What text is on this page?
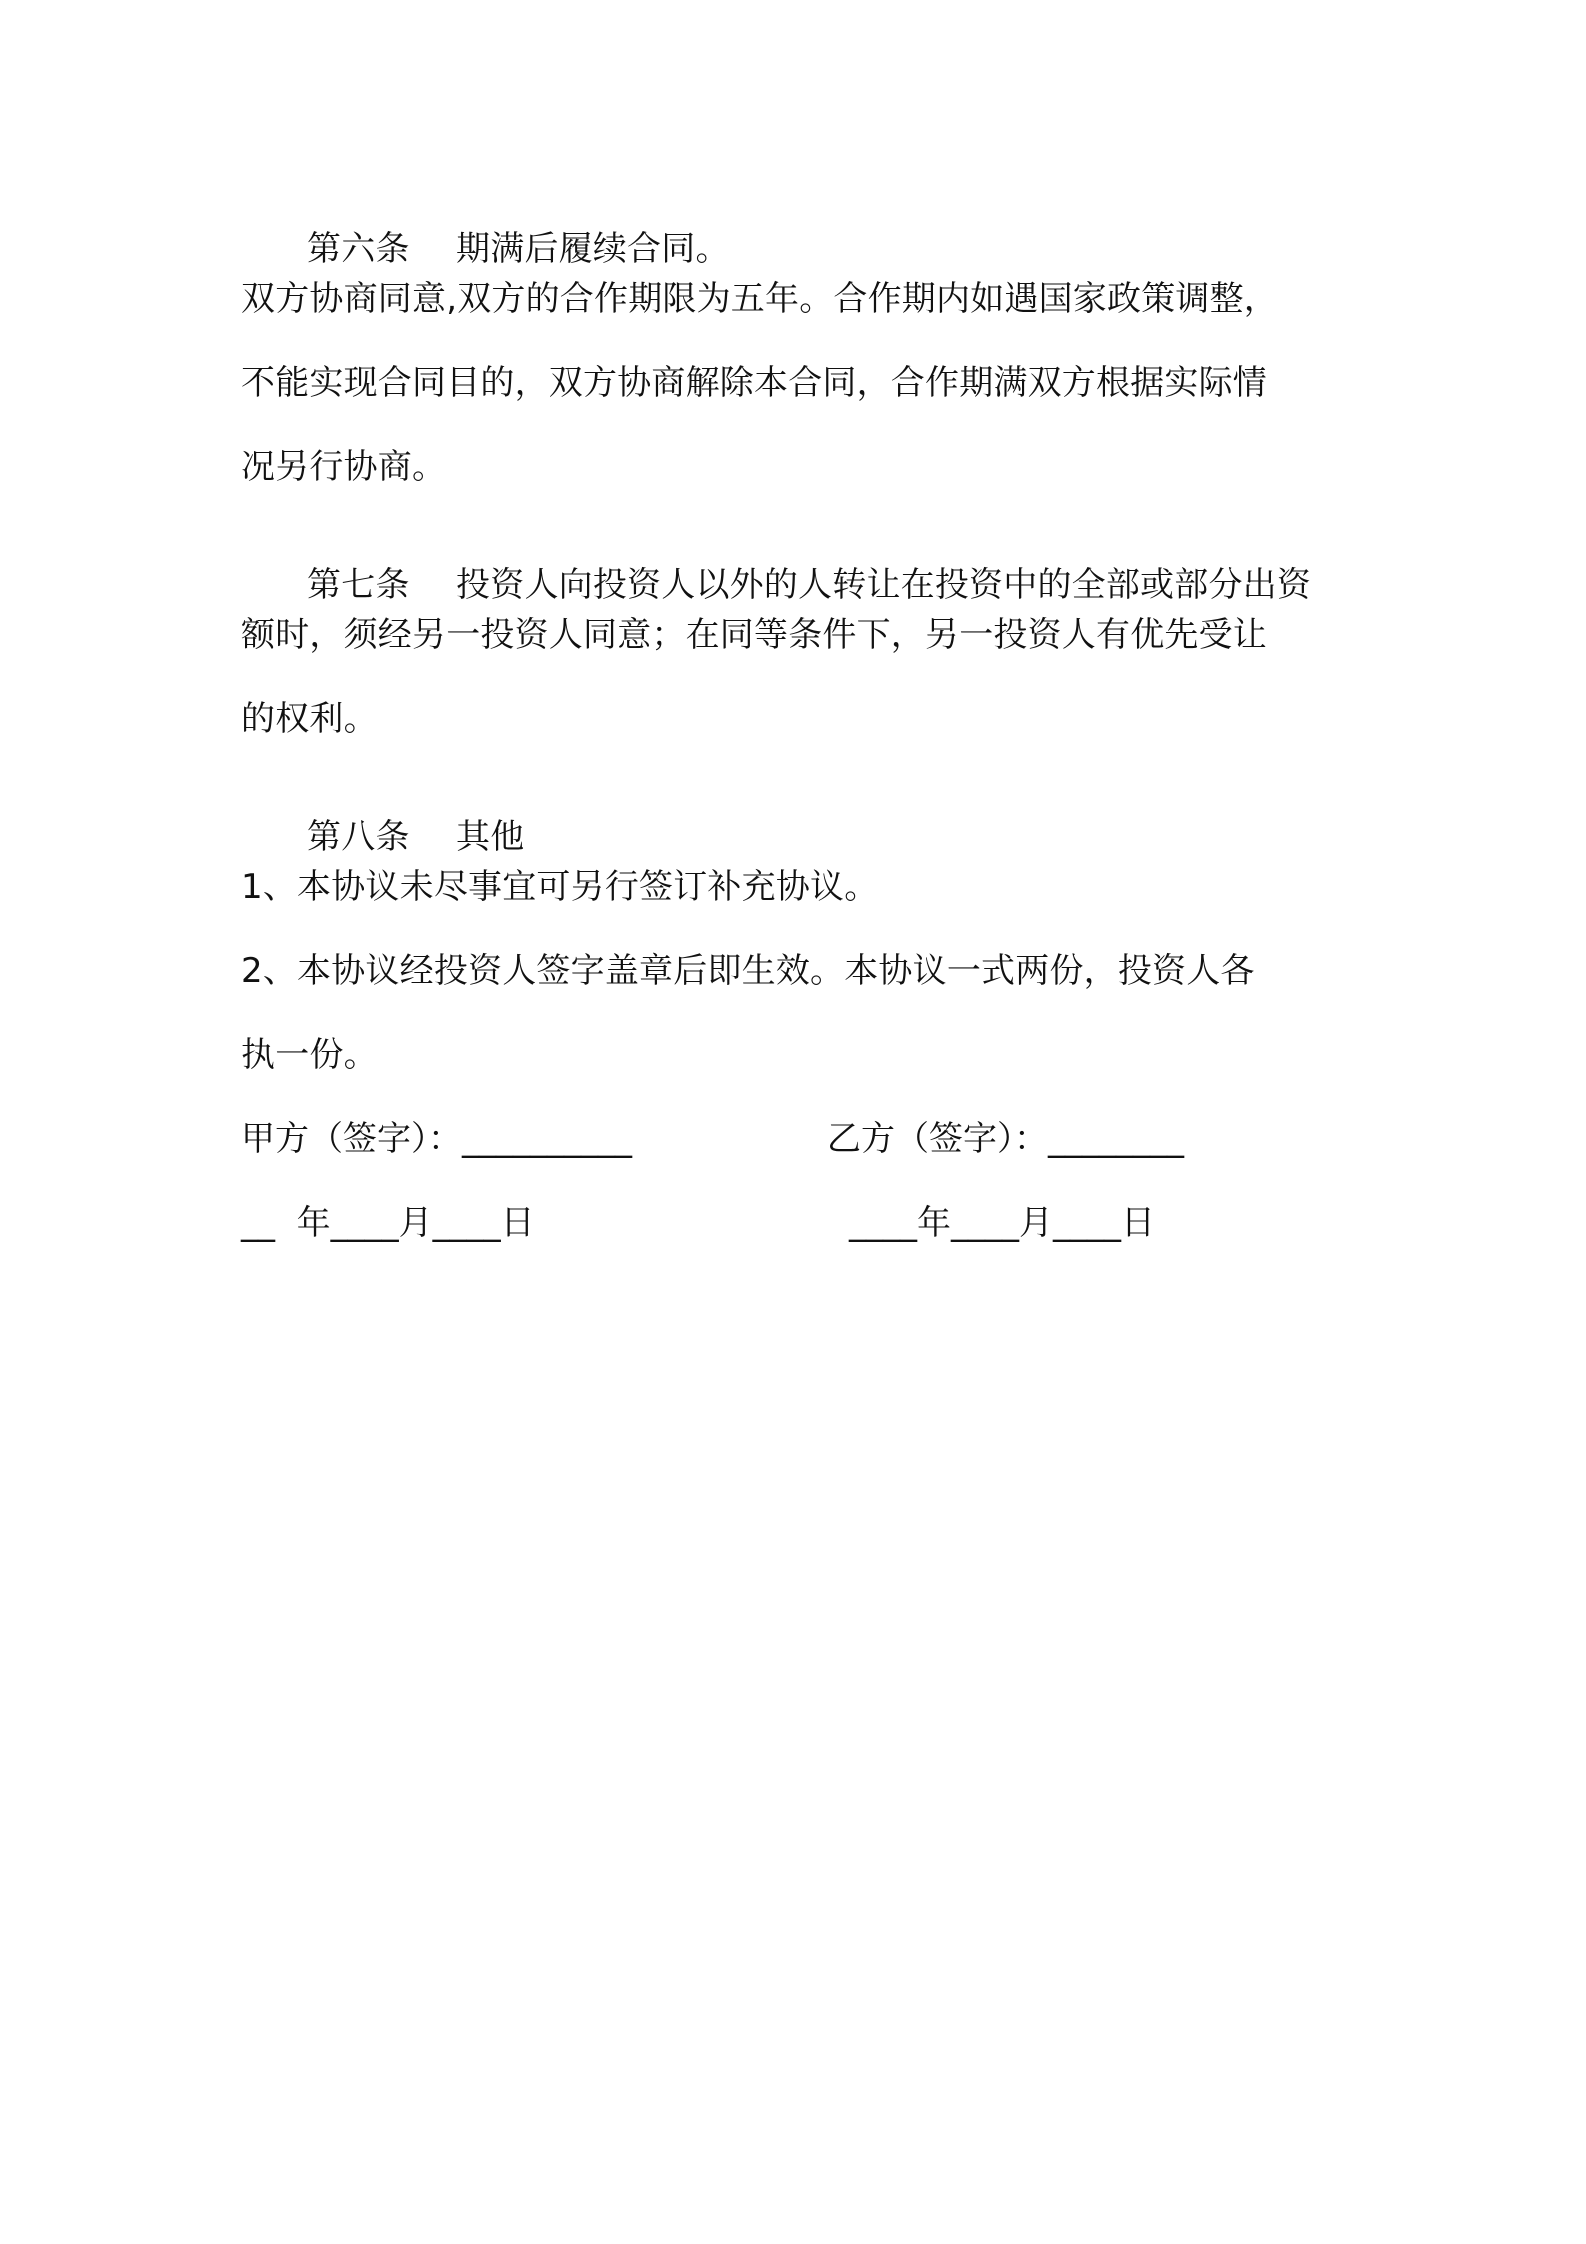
第六条 期满后履续合同。

双方协商同意,双方的合作期限为五年。合作期内如遇国家政策调整，
不能实现合同目的，双方协商解除本合同，合作期满双方根据实际情
况另行协商。

第七条 投资人向投资人以外的人转让在投资中的全部或部分出资

额时，须经另一投资人同意；在同等条件下，另一投资人有优先受让
的权利。

第八条 其他

1、本协议未尽事宜可另行签订补充协议。
2、本协议经投资人签字盖章后即生效。本协议一式两份，投资人各
执一份。

甲方（签字）：__________

	乙方（签字）：________

__  年____月____日

	____年____月____日
